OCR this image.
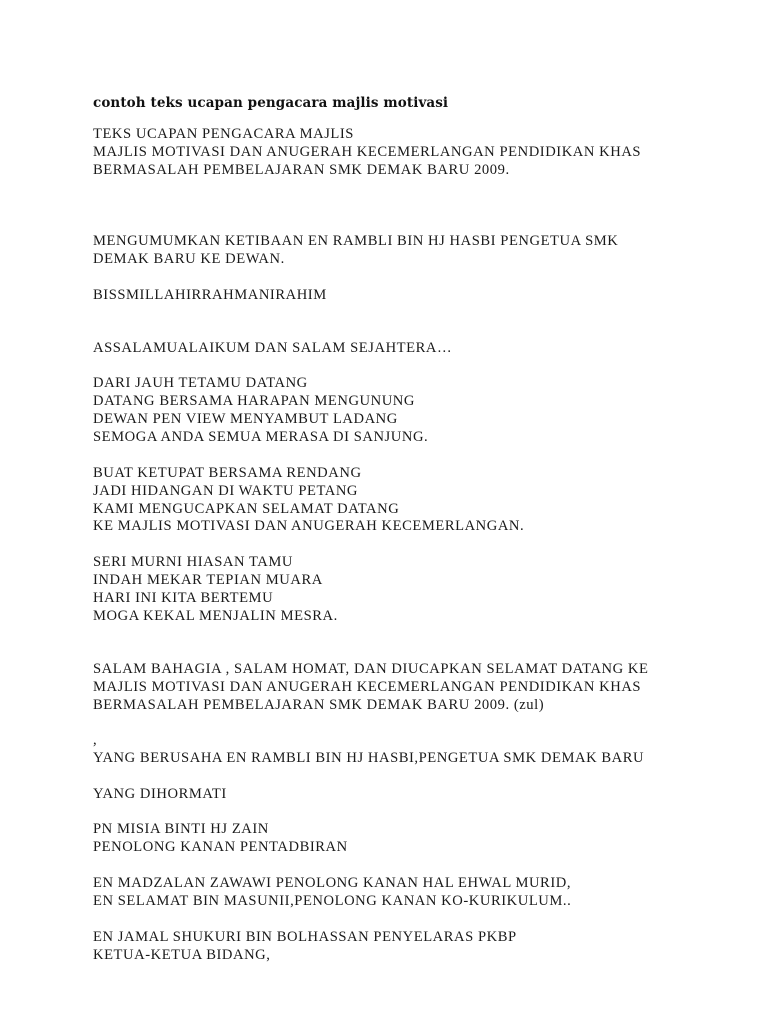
contoh teks ucapan pengacara majlis motivasi
TEKS UCAPAN PENGACARA MAJLIS
MAJLIS MOTIVASI DAN ANUGERAH KECEMERLANGAN PENDIDIKAN KHAS
BERMASALAH PEMBELAJARAN SMK DEMAK BARU 2009.
MENGUMUMKAN KETIBAAN EN RAMBLI BIN HJ HASBI PENGETUA SMK
DEMAK BARU KE DEWAN.
BISSMILLAHIRRAHMANIRAHIM
ASSALAMUALAIKUM DAN SALAM SEJAHTERA…
DARI JAUH TETAMU DATANG
DATANG BERSAMA HARAPAN MENGUNUNG
DEWAN PEN VIEW MENYAMBUT LADANG
SEMOGA ANDA SEMUA MERASA DI SANJUNG.
BUAT KETUPAT BERSAMA RENDANG
JADI HIDANGAN DI WAKTU PETANG
KAMI MENGUCAPKAN SELAMAT DATANG
KE MAJLIS MOTIVASI DAN ANUGERAH KECEMERLANGAN.
SERI MURNI HIASAN TAMU
INDAH MEKAR TEPIAN MUARA
HARI INI KITA BERTEMU
MOGA KEKAL MENJALIN MESRA.
SALAM BAHAGIA , SALAM HOMAT, DAN DIUCAPKAN SELAMAT DATANG KE
MAJLIS MOTIVASI DAN ANUGERAH KECEMERLANGAN PENDIDIKAN KHAS
BERMASALAH PEMBELAJARAN SMK DEMAK BARU 2009. (zul)
,
YANG BERUSAHA EN RAMBLI BIN HJ HASBI,PENGETUA SMK DEMAK BARU
YANG DIHORMATI
PN MISIA BINTI HJ ZAIN
PENOLONG KANAN PENTADBIRAN
EN MADZALAN ZAWAWI PENOLONG KANAN HAL EHWAL MURID,
EN SELAMAT BIN MASUNII,PENOLONG KANAN KO-KURIKULUM..
EN JAMAL SHUKURI BIN BOLHASSAN PENYELARAS PKBP
KETUA-KETUA BIDANG,
